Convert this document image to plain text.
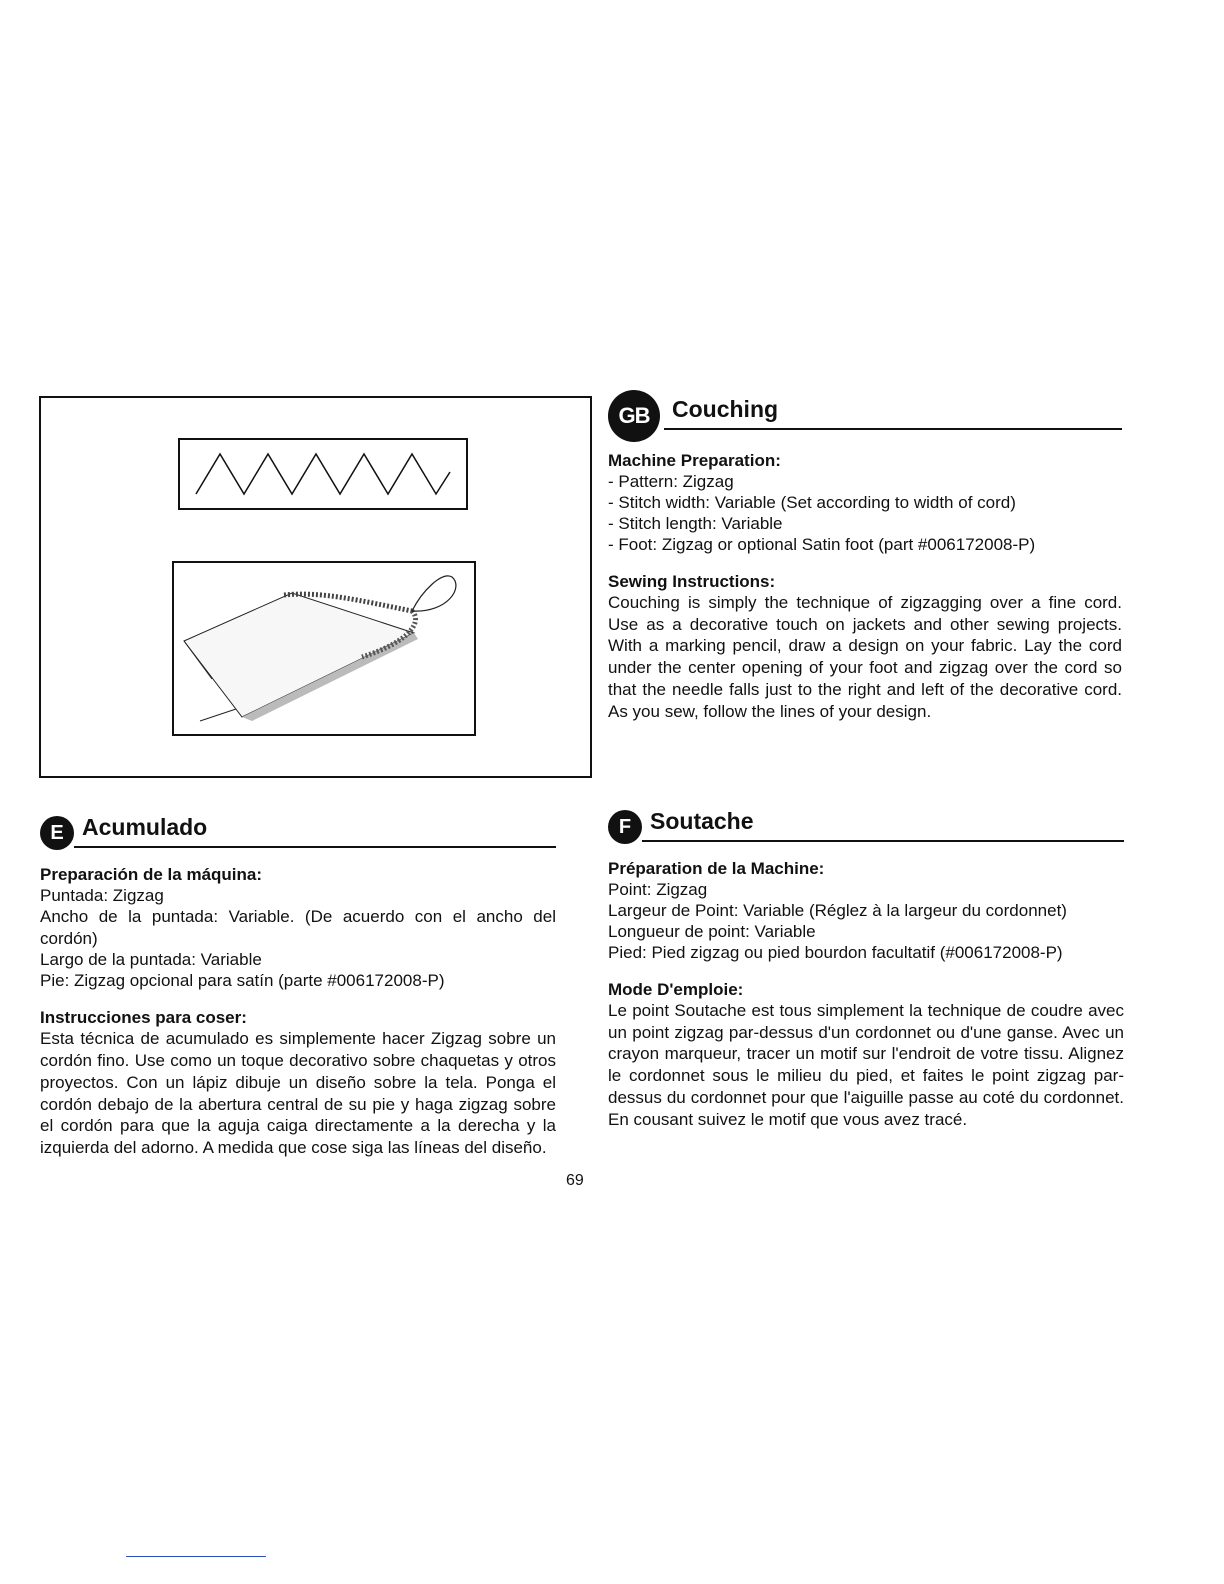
GB Couching

Machine Preparation:

- Pattern: Zigzag

- Stitch width: Variable (Set according to width of cord)

- Stitch length: Variable

- Foot: Zigzag or optional Satin foot (part #006172008-P)

Sewing Instructions:

Couching is simply the technique of zigzagging over a fine cord. Use as a decorative touch on jackets and other sewing projects. With a marking pencil, draw a design on your fabric. Lay the cord under the center opening of your foot and zigzag over the cord so that the needle falls just to the right and left of the decorative cord. As you sew, follow the lines of your design.

E Acumulado

Preparación de la máquina:

Puntada: Zigzag

Ancho de la puntada: Variable. (De acuerdo con el ancho del cordón)

Largo de la puntada: Variable

Pie: Zigzag opcional para satín (parte #006172008-P)

Instrucciones para coser:

Esta técnica de acumulado es simplemente hacer Zigzag sobre un cordón fino. Use como un toque decorativo sobre chaquetas y otros proyectos. Con un lápiz dibuje un diseño sobre la tela. Ponga el cordón debajo de la abertura central de su pie y haga zigzag sobre el cordón para que la aguja caiga directamente a la derecha y la izquierda del adorno. A medida que cose siga las líneas del diseño.

F Soutache

Préparation de la Machine:

Point: Zigzag

Largeur de Point: Variable (Réglez à la largeur du cordonnet)

Longueur de point: Variable

Pied: Pied zigzag ou pied bourdon facultatif (#006172008-P)

Mode D'emploie:

Le point Soutache est tous simplement la technique de coudre avec un point zigzag par-dessus d'un cordonnet ou d'une ganse. Avec un crayon marqueur, tracer un motif sur l'endroit de votre tissu. Alignez le cordonnet sous le milieu du pied, et faites le point zigzag par-dessus du cordonnet pour que l'aiguille passe au coté du cordonnet. En cousant suivez le motif que vous avez tracé.

69
